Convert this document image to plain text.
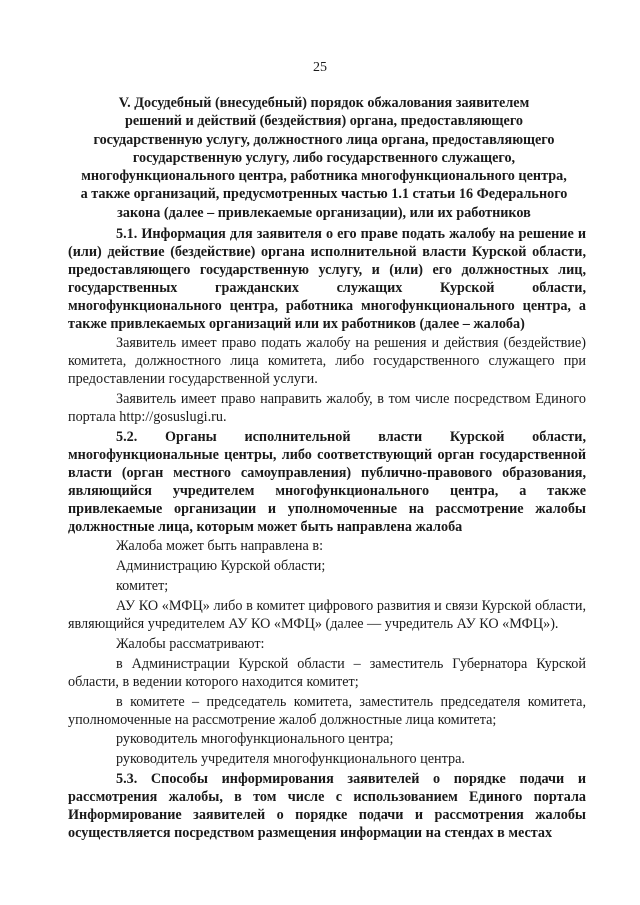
25
V. Досудебный (внесудебный) порядок обжалования заявителем
решений и действий (бездействия) органа, предоставляющего
государственную услугу, должностного лица органа, предоставляющего
государственную услугу, либо государственного служащего,
многофункционального центра, работника многофункционального центра,
а также организаций, предусмотренных частью 1.1 статьи 16 Федерального
закона (далее – привлекаемые организации), или их работников
5.1. Информация для заявителя о его праве подать жалобу на решение и (или) действие (бездействие) органа исполнительной власти Курской области, предоставляющего государственную услугу, и (или) его должностных лиц, государственных гражданских служащих Курской области, многофункционального центра, работника многофункционального центра, а также привлекаемых организаций или их работников (далее – жалоба)
Заявитель имеет право подать жалобу на решения и действия (бездействие) комитета, должностного лица комитета, либо государственного служащего при предоставлении государственной услуги.
Заявитель имеет право направить жалобу, в том числе посредством Единого портала http://gosuslugi.ru.
5.2. Органы исполнительной власти Курской области, многофункциональные центры, либо соответствующий орган государственной власти (орган местного самоуправления) публично-правового образования, являющийся учредителем многофункционального центра, а также привлекаемые организации и уполномоченные на рассмотрение жалобы должностные лица, которым может быть направлена жалоба
Жалоба может быть направлена в:
Администрацию Курской области;
комитет;
АУ КО «МФЦ» либо в комитет цифрового развития и связи Курской области, являющийся учредителем АУ КО «МФЦ» (далее — учредитель АУ КО «МФЦ»).
Жалобы рассматривают:
в Администрации Курской области – заместитель Губернатора Курской области, в ведении которого находится комитет;
в комитете – председатель комитета, заместитель председателя комитета, уполномоченные на рассмотрение жалоб должностные лица комитета;
руководитель многофункционального центра;
руководитель учредителя многофункционального центра.
5.3. Способы информирования заявителей о порядке подачи и рассмотрения жалобы, в том числе с использованием Единого портала Информирование заявителей о порядке подачи и рассмотрения жалобы осуществляется посредством размещения информации на стендах в местах
